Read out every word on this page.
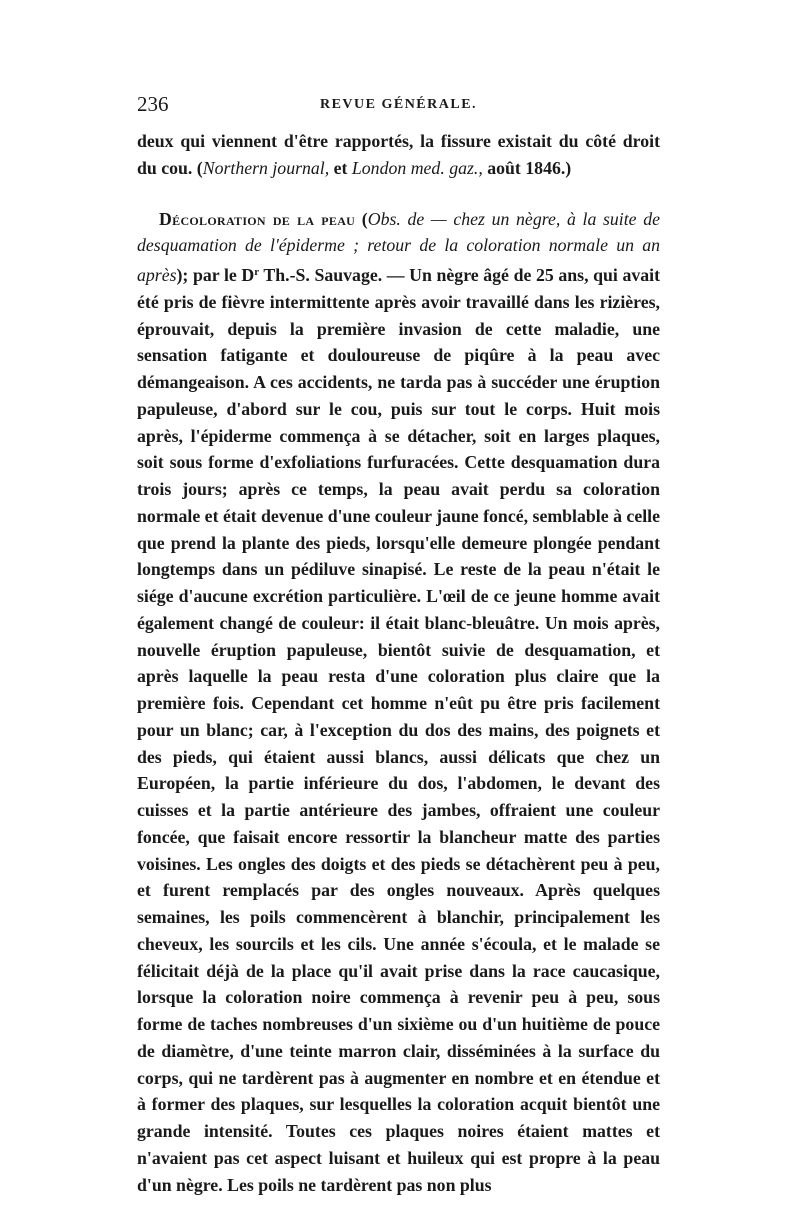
236	REVUE GÉNÉRALE.

deux qui viennent d'être rapportés, la fissure existait du côté droit du cou. (Northern journal, et London med. gaz., août 1846.)

Décoloration de la peau (Obs. de — chez un nègre, à la suite de desquamation de l'épiderme ; retour de la coloration normale un an après); par le $D^r$ Th.-S. Sauvage. — Un nègre âgé de 25 ans, qui avait été pris de fièvre intermittente après avoir travaillé dans les rizières, éprouvait, depuis la première invasion de cette maladie, une sensation fatigante et douloureuse de piqûre à la peau avec démangeaison. A ces accidents, ne tarda pas à succéder une éruption papuleuse, d'abord sur le cou, puis sur tout le corps. Huit mois après, l'épiderme commença à se détacher, soit en larges plaques, soit sous forme d'exfoliations furfuracées. Cette desquamation dura trois jours; après ce temps, la peau avait perdu sa coloration normale et était devenue d'une couleur jaune foncé, semblable à celle que prend la plante des pieds, lorsqu'elle demeure plongée pendant longtemps dans un pédiluve sinapisé. Le reste de la peau n'était le siége d'aucune excrétion particulière. L'œil de ce jeune homme avait également changé de couleur: il était blanc-bleuâtre. Un mois après, nouvelle éruption papuleuse, bientôt suivie de desquamation, et après laquelle la peau resta d'une coloration plus claire que la première fois. Cependant cet homme n'eût pu être pris facilement pour un blanc; car, à l'exception du dos des mains, des poignets et des pieds, qui étaient aussi blancs, aussi délicats que chez un Européen, la partie inférieure du dos, l'abdomen, le devant des cuisses et la partie antérieure des jambes, offraient une couleur foncée, que faisait encore ressortir la blancheur matte des parties voisines. Les ongles des doigts et des pieds se détachèrent peu à peu, et furent remplacés par des ongles nouveaux. Après quelques semaines, les poils commencèrent à blanchir, principalement les cheveux, les sourcils et les cils. Une année s'écoula, et le malade se félicitait déjà de la place qu'il avait prise dans la race caucasique, lorsque la coloration noire commença à revenir peu à peu, sous forme de taches nombreuses d'un sixième ou d'un huitième de pouce de diamètre, d'une teinte marron clair, disséminées à la surface du corps, qui ne tardèrent pas à augmenter en nombre et en étendue et à former des plaques, sur lesquelles la coloration acquit bientôt une grande intensité. Toutes ces plaques noires étaient mattes et n'avaient pas cet aspect luisant et huileux qui est propre à la peau d'un nègre. Les poils ne tardèrent pas non plus
